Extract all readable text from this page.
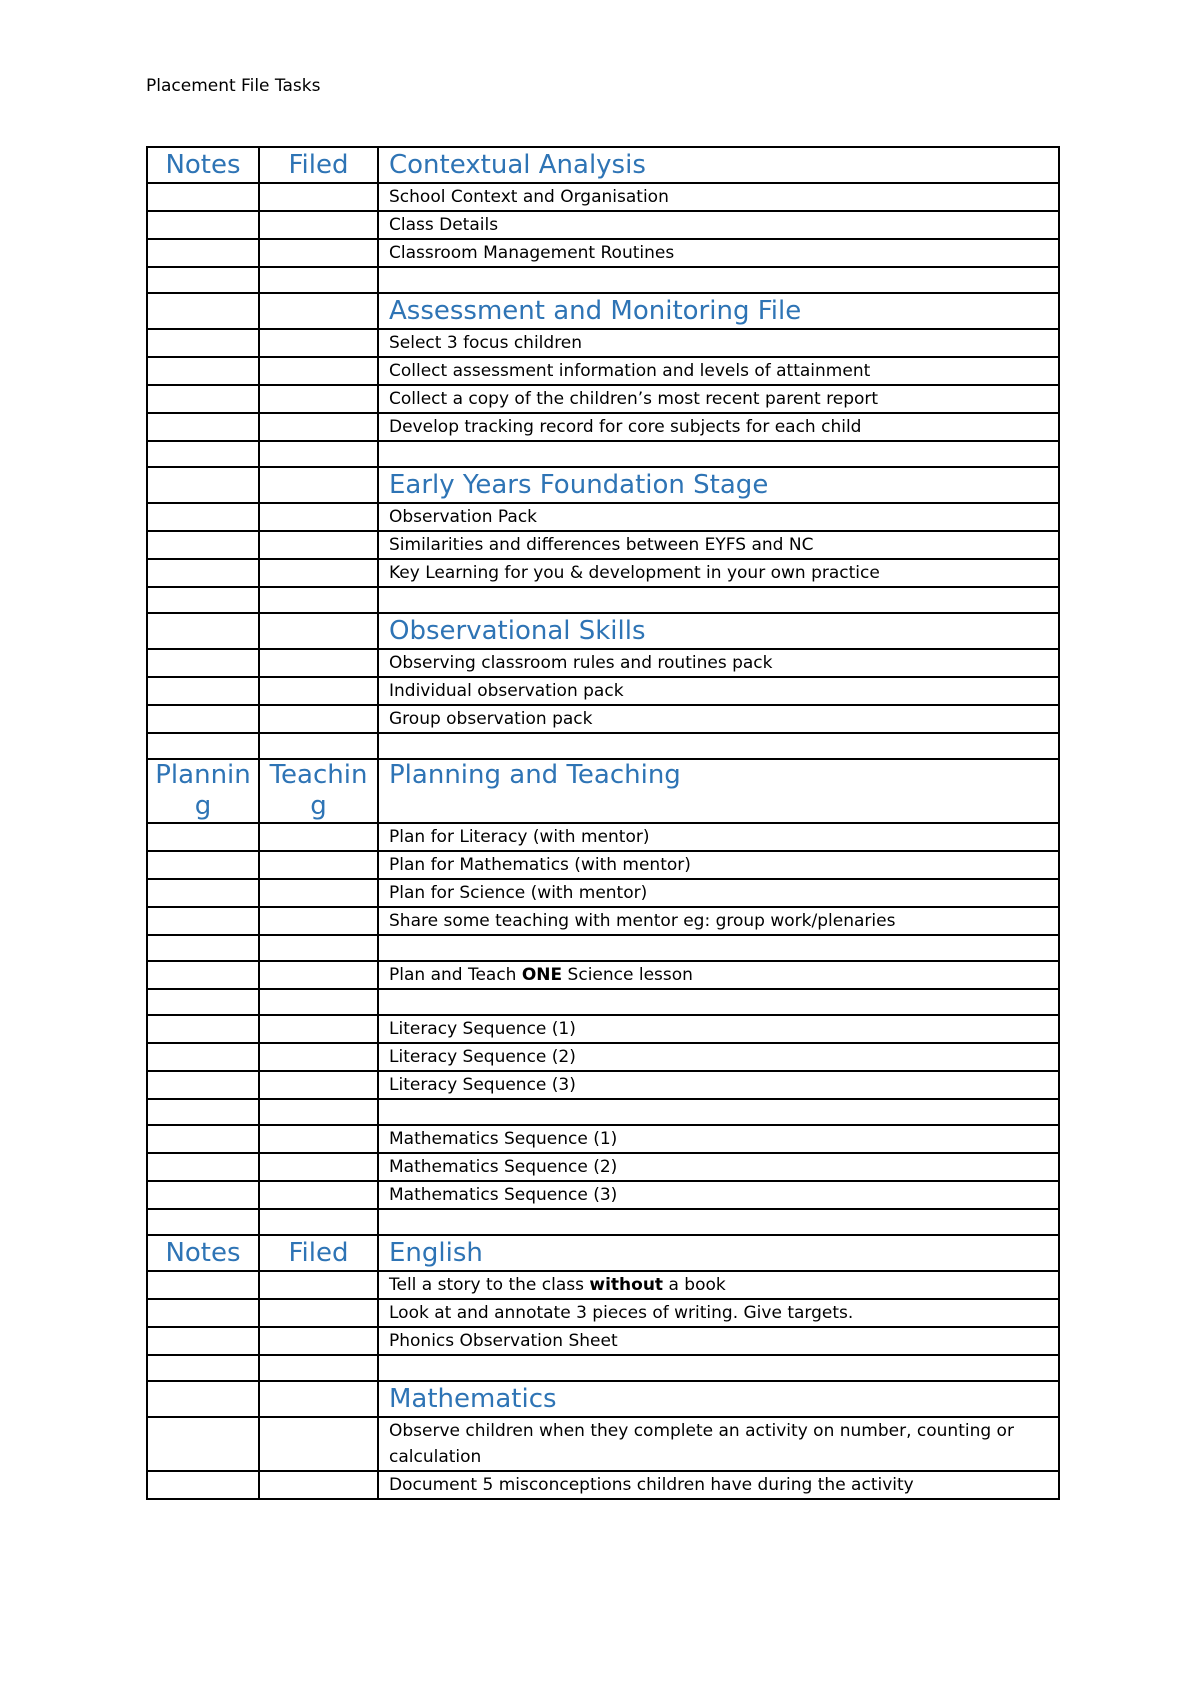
Placement File Tasks
Notes	Filed	Contextual Analysis
		School Context and Organisation
		Class Details
		Classroom Management Routines

		Assessment and Monitoring File
		Select 3 focus children
		Collect assessment information and levels of attainment
		Collect a copy of the children’s most recent parent report
		Develop tracking record for core subjects for each child

		Early Years Foundation Stage
		Observation Pack
		Similarities and differences between EYFS and NC
		Key Learning for you & development in your own practice

		Observational Skills
		Observing classroom rules and routines pack
		Individual observation pack
		Group observation pack

Planning	Teaching	Planning and Teaching
		Plan for Literacy (with mentor)
		Plan for Mathematics (with mentor)
		Plan for Science (with mentor)
		Share some teaching with mentor eg: group work/plenaries

		Plan and Teach ONE Science lesson

		Literacy Sequence (1)
		Literacy Sequence (2)
		Literacy Sequence (3)

		Mathematics Sequence (1)
		Mathematics Sequence (2)
		Mathematics Sequence (3)

Notes	Filed	English
		Tell a story to the class without a book
		Look at and annotate 3 pieces of writing. Give targets.
		Phonics Observation Sheet

		Mathematics
		Observe children when they complete an activity on number, counting or calculation
		Document 5 misconceptions children have during the activity
